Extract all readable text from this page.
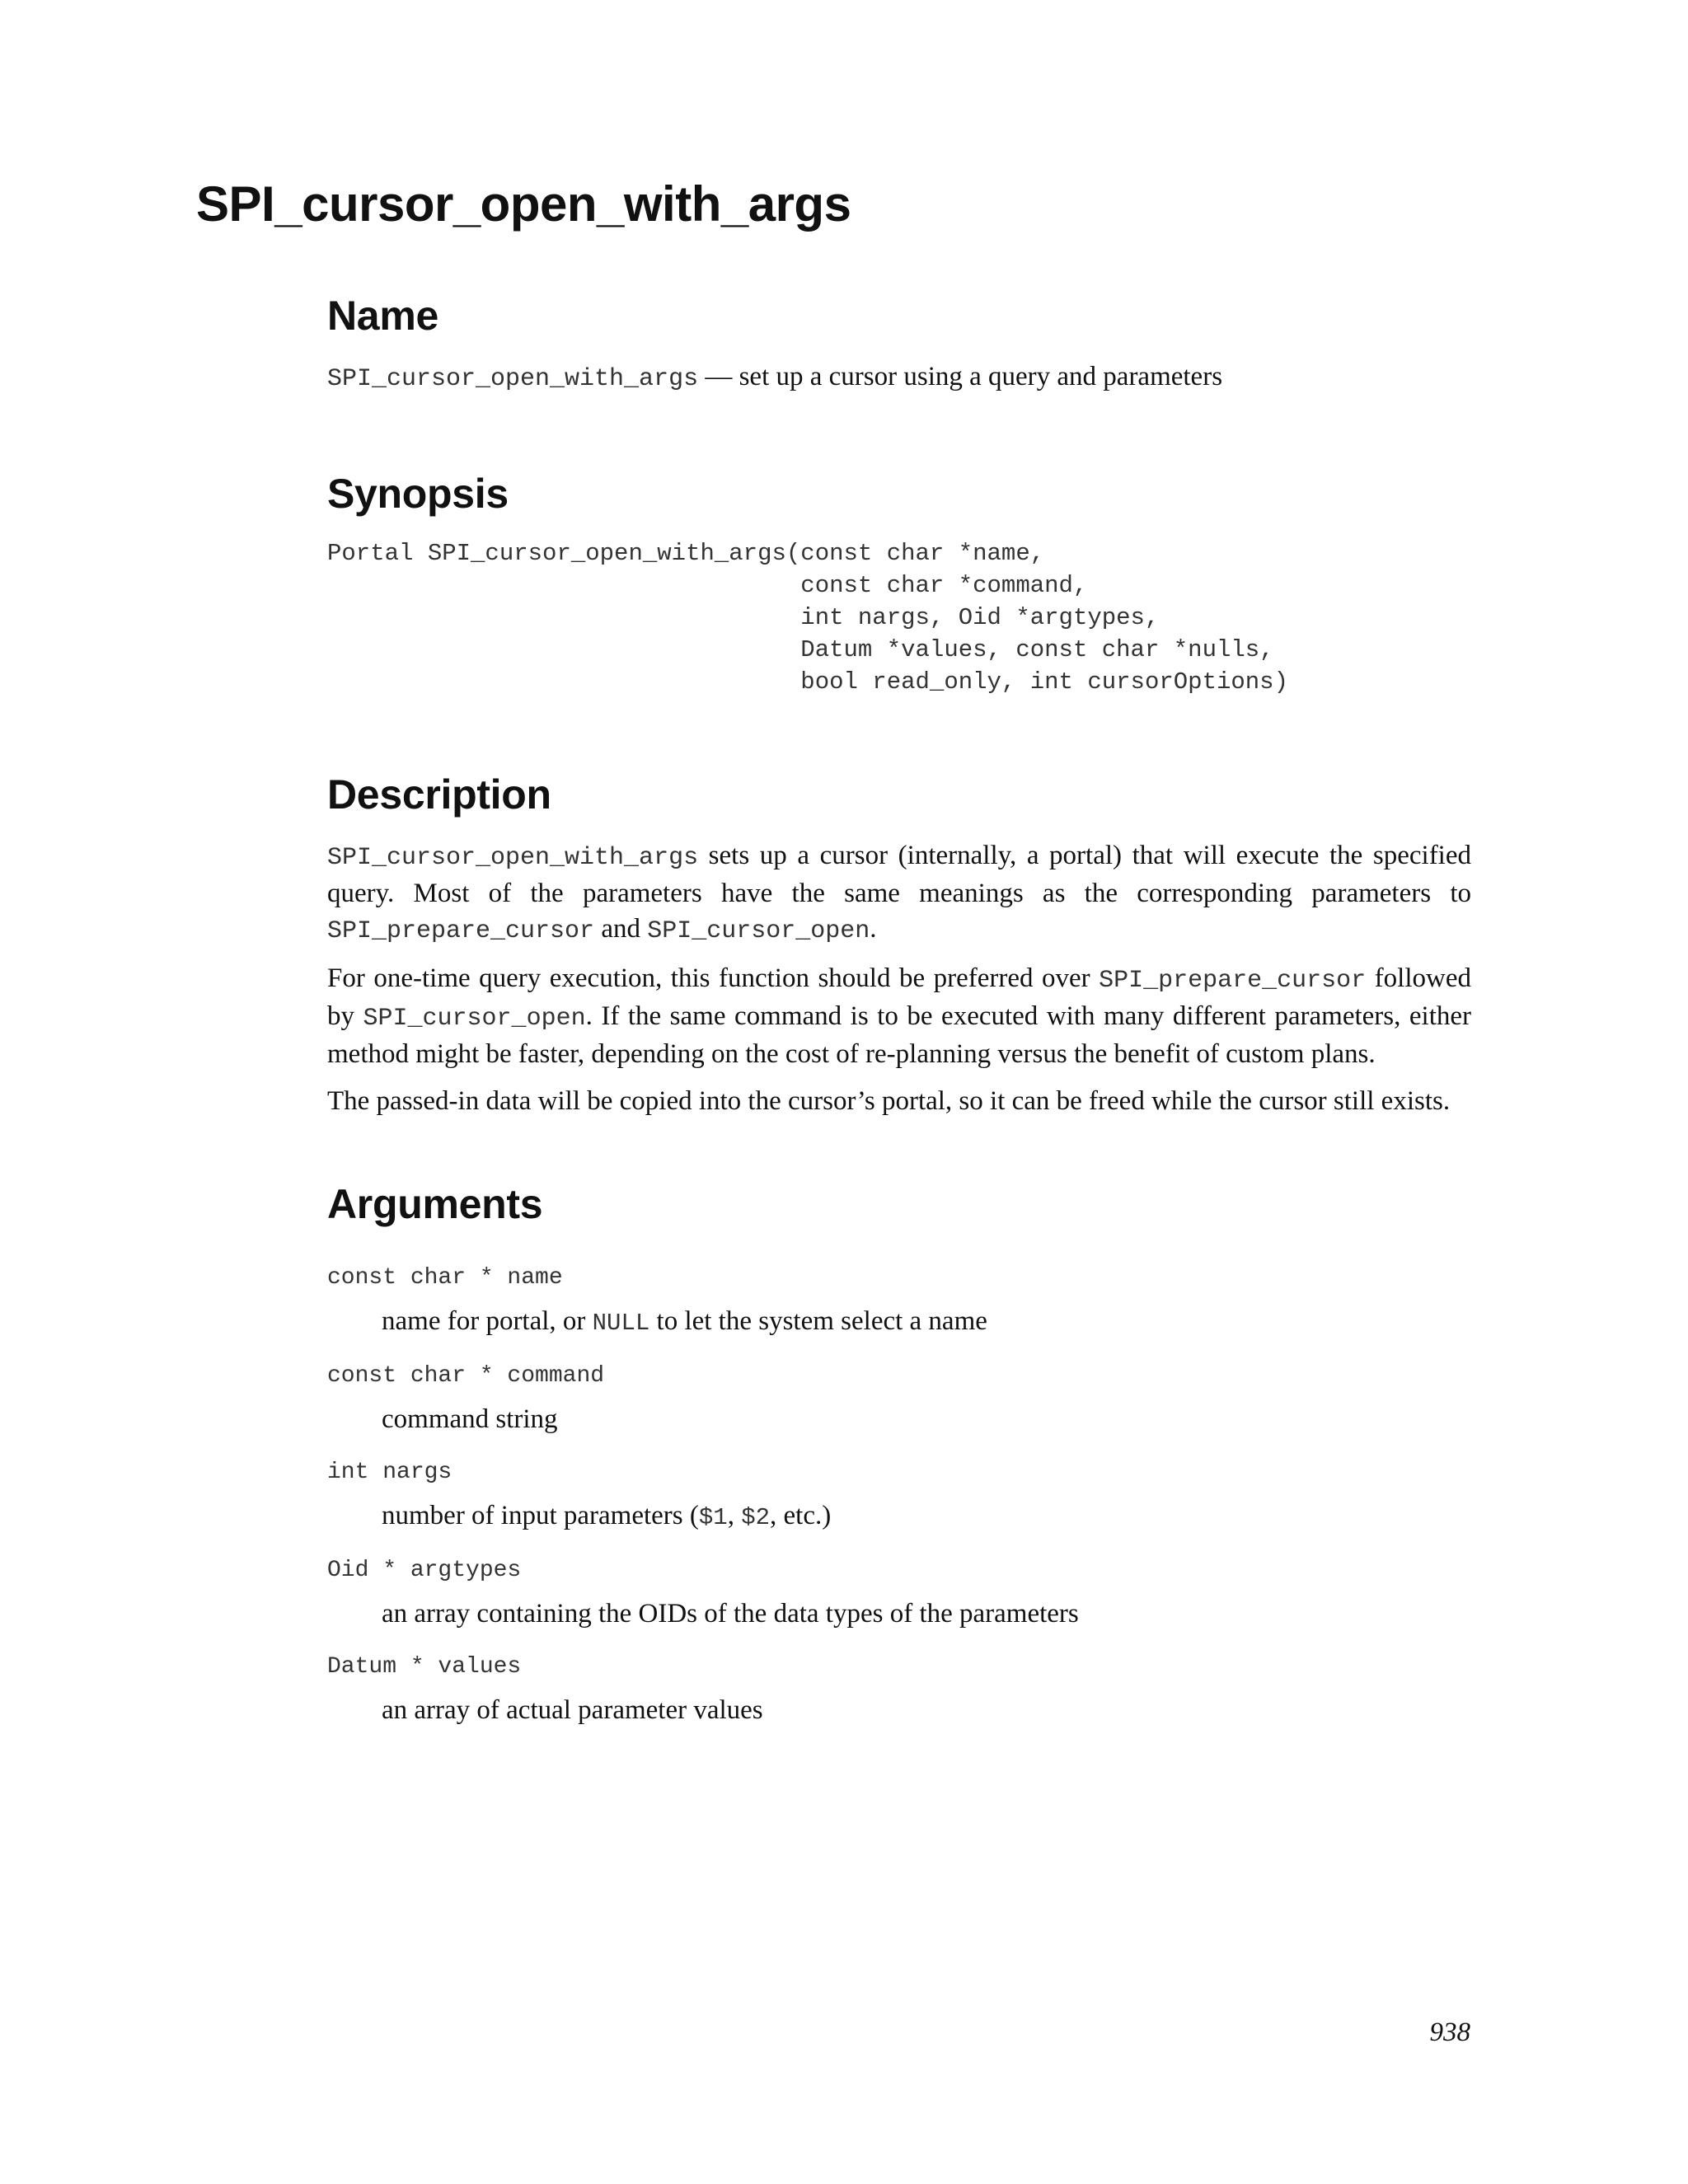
SPI_cursor_open_with_args
Name

SPI_cursor_open_with_args — set up a cursor using a query and parameters

Synopsis
Portal SPI_cursor_open_with_args(const char *name,
const char *command,
int nargs, Oid *argtypes,
Datum *values, const char *nulls,
bool read_only, int cursorOptions)
Description

SPI_cursor_open_with_args sets up a cursor (internally, a portal) that will execute the specified query. Most of the parameters have the same meanings as the corresponding parameters to SPI_prepare_cursor and SPI_cursor_open.

For one-time query execution, this function should be preferred over SPI_prepare_cursor followed by SPI_cursor_open. If the same command is to be executed with many different parameters, either method might be faster, depending on the cost of re-planning versus the benefit of custom plans.

The passed-in data will be copied into the cursor’s portal, so it can be freed while the cursor still exists.

Arguments
const char * name
name for portal, or NULL to let the system select a name
const char * command
command string
int nargs
number of input parameters ($1, $2, etc.)
Oid * argtypes
an array containing the OIDs of the data types of the parameters
Datum * values
an array of actual parameter values
938
